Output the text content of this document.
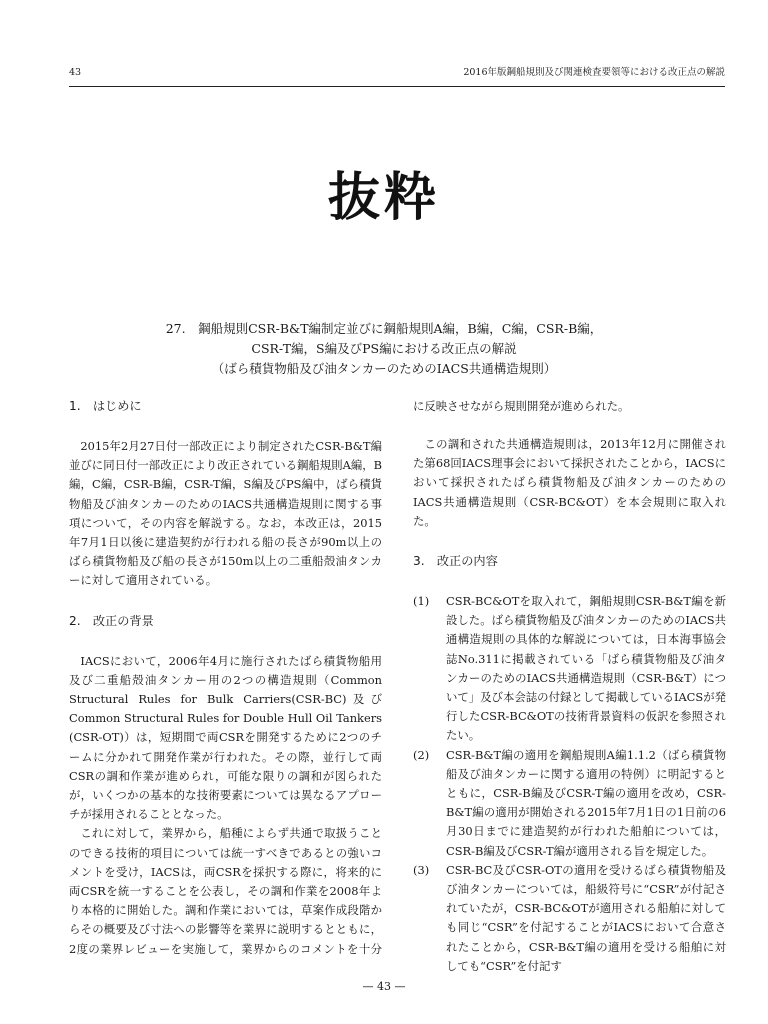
43	2016年版鋼船規則及び関連検査要領等における改正点の解説
抜粋
27.　鋼船規則CSR-B&T編制定並びに鋼船規則A編，B編，C編，CSR-B編，
CSR-T編，S編及びPS編における改正点の解説
（ばら積貨物船及び油タンカーのためのIACS共通構造規則）
1.　はじめに

2015年2月27日付一部改正により制定されたCSR-B&T編並びに同日付一部改正により改正されている鋼船規則A編，B編，C編，CSR-B編，CSR-T編，S編及びPS編中，ばら積貨物船及び油タンカーのためのIACS共通構造規則に関する事項について，その内容を解説する。なお，本改正は，2015年7月1日以後に建造契約が行われる船の長さが90m以上のばら積貨物船及び船の長さが150m以上の二重船殻油タンカーに対して適用されている。

2.　改正の背景

IACSにおいて，2006年4月に施行されたばら積貨物船用及び二重船殻油タンカー用の2つの構造規則（Common Structural Rules for Bulk Carriers(CSR-BC)及びCommon Structural Rules for Double Hull Oil Tankers (CSR-OT)）は，短期間で両CSRを開発するために2つのチームに分かれて開発作業が行われた。その際，並行して両CSRの調和作業が進められ，可能な限りの調和が図られたが，いくつかの基本的な技術要素については異なるアプローチが採用されることとなった。

これに対して，業界から，船種によらず共通で取扱うことのできる技術的項目については統一すべきであるとの強いコメントを受け，IACSは，両CSRを採択する際に，将来的に両CSRを統一することを公表し，その調和作業を2008年より本格的に開始した。調和作業においては，草案作成段階からその概要及び寸法への影響等を業界に説明するとともに，2度の業界レビューを実施して，業界からのコメントを十分

に反映させながら規則開発が進められた。

この調和された共通構造規則は，2013年12月に開催された第68回IACS理事会において採択されたことから，IACSにおいて採択されたばら積貨物船及び油タンカーのためのIACS共通構造規則（CSR-BC&OT）を本会規則に取入れた。

3.　改正の内容
(1) CSR-BC&OTを取入れて，鋼船規則CSR-B&T編を新設した。ばら積貨物船及び油タンカーのためのIACS共通構造規則の具体的な解説については，日本海事協会誌No.311に掲載されている「ばら積貨物船及び油タンカーのためのIACS共通構造規則（CSR-B&T）について」及び本会誌の付録として掲載しているIACSが発行したCSR-BC&OTの技術背景資料の仮訳を参照されたい。
(2) CSR-B&T編の適用を鋼船規則A編1.1.2（ばら積貨物船及び油タンカーに関する適用の特例）に明記するとともに，CSR-B編及びCSR-T編の適用を改め，CSR-B&T編の適用が開始される2015年7月1日の1日前の6月30日までに建造契約が行われた船舶については，CSR-B編及びCSR-T編が適用される旨を規定した。
(3) CSR-BC及びCSR-OTの適用を受けるばら積貨物船及び油タンカーについては，船級符号に“CSR”が付記されていたが，CSR-BC&OTが適用される船舶に対しても同じ“CSR”を付記することがIACSにおいて合意されたことから，CSR-B&T編の適用を受ける船舶に対しても“CSR”を付記す
— 43 —
